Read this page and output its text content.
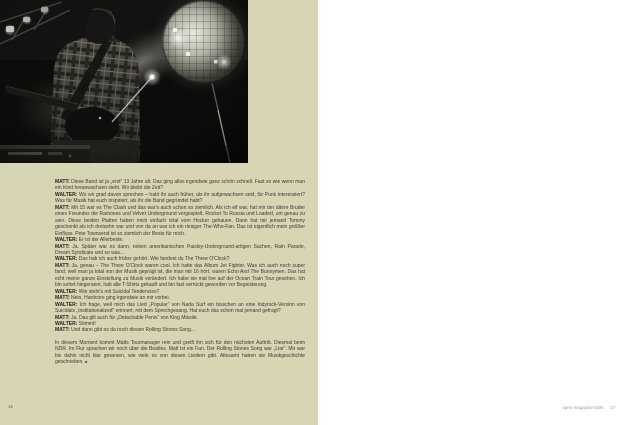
MATT: Diese Band ist ja „erst“ 13 Jahre alt. Das ging alles irgendwie ganz schön schnell. Fast so wie wenn man ein Kind heranwachsen sieht. Wo bleibt die Zeit?

WALTER: Wo wir grad davon sprechen – habt ihr auch früher, als ihr aufgewachsen seid, für Punk interessiert? Was für Musik hat euch inspiriert, als ihr die Band gegründet habt?

MATT: Mit 15 war es The Clash und das war's auch schon so ziemlich. Als ich elf war, hat mir der ältere Bruder eines Freundes die Ramones und Velvet Underground vorgespielt, Rocket To Russia und Loaded, um genau zu sein. Diese beiden Platten haben mich einfach total vom Hocker gehauen. Dann hat mir jemand Tommy geschenkt als ich dreizehn war und von da an war ich ein riesiger The-Who-Fan. Das ist eigentlich mein größter Einfluss. Pete Townsend ist so ziemlich der Beste für mich.

WALTER: Er ist der Allerbeste.

MATT: Ja. Später war es dann, neben amerikanischen Paisley-Underground-artigen Sachen, Rain Parade, Dream Syndicate und so was...

WALTER: Das hab ich auch früher gehört. Wie fandest du The Three O'Clock?

MATT: Ja, genau – The Three O'Clock waren cool. Ich hatte das Album Jet Fighter. Was ich auch noch super fand, weil man ja total von der Musik geprägt ist, die man mit 16 hört, waren Echo And The Bunnymen. Das hat echt meine ganze Einstellung zu Musik verändert. Ich habe sie mal live auf der Ocean Train Tour gesehen. Ich bin sofort hingerannt, hab alle T-Shirts gekauft und bin fast verrückt geworden vor Begeisterung.

WALTER: Wie steht's mit Suicidal Tendencies?

MATT: Nein. Hardcore ging irgendwie an mir vorbei.

WALTER: Ich frage, weil mich das Lied „Popular“ von Nada Surf ein bisschen an eine Indyrock-Version von Suicidals „Institutionalized“ erinnert, mit dem Sprechgesang. Hat euch das schon mal jemand gefragt?

MATT: Ja. Das gilt auch für „Detachable Penis“ von King Missile.

WALTER: Stimmt!

MATT: Und dann gibt es da noch diesen Rolling Stones Song...

In diesem Moment kommt Matts Tourmanager rein und greift ihn sich für den nächsten Auftritt. Diesmal beim NDR. Im Flur sprachen wir noch über die Beatles. Matt ist ein Fan. Der Rolling Stones Song war „Liar“. Mir war bis dahin nicht klar gewesen, wie viele es von diesen Liedern gibt. Allesamt haben sie Musikgeschichte geschrieben. ■

16	open magazine 5/06 17
